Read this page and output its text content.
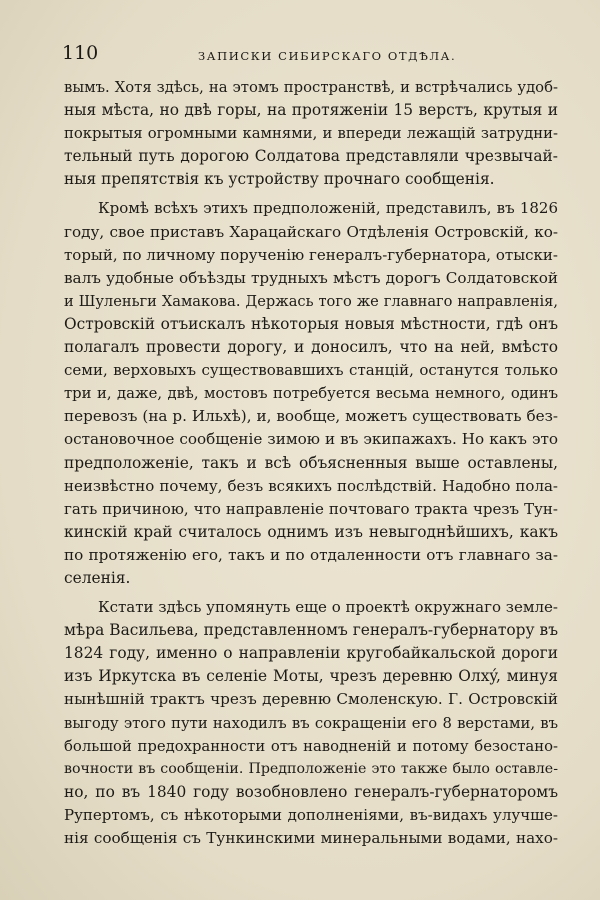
110	ЗАПИСКИ СИБИРСКАГО ОТДѢЛА.
вымъ. Хотя здѣсь, на этомъ пространствѣ, и встрѣчались удоб-
ныя мѣста, но двѣ горы, на протяженіи 15 верстъ, крутыя и
покрытыя огромными камнями, и впереди лежащій затрудни-
тельный путь дорогою Солдатова представляли чрезвычай-
ныя препятствія къ устройству прочнаго сообщенія.
Кромѣ всѣхъ этихъ предположеній, представилъ, въ 1826
году, свое приставъ Харацайскаго Отдѣленія Островскій, ко-
торый, по личному порученію генералъ-губернатора, отыски-
валъ удобные объѣзды трудныхъ мѣстъ дорогъ Солдатовской
и Шуленьги Хамакова. Держась того же главнаго направленія,
Островскій отъискалъ нѣкоторыя новыя мѣстности, гдѣ онъ
полагалъ провести дорогу, и доносилъ, что на ней, вмѣсто
семи, верховыхъ существовавшихъ станцій, останутся только
три и, даже, двѣ, мостовъ потребуется весьма немного, одинъ
перевозъ (на р. Ильхѣ), и, вообще, можетъ существовать без-
остановочное сообщеніе зимою и въ экипажахъ. Но какъ это
предположеніе, такъ и всѣ объясненныя выше оставлены,
неизвѣстно почему, безъ всякихъ послѣдствій. Надобно пола-
гать причиною, что направленіе почтоваго тракта чрезъ Тун-
кинскій край считалось однимъ изъ невыгоднѣйшихъ, какъ
по протяженію его, такъ и по отдаленности отъ главнаго за-
селенія.
Кстати здѣсь упомянуть еще о проектѣ окружнаго земле-
мѣра Васильева, представленномъ генералъ-губернатору въ
1824 году, именно о направленіи кругобайкальской дороги
изъ Иркутска въ селеніе Моты, чрезъ деревню Олхý, минуя
нынѣшній трактъ чрезъ деревню Смоленскую. Г. Островскій
выгоду этого пути находилъ въ сокращеніи его 8 верстами, въ
большой предохранности отъ наводненій и потому безостано-
вочности въ сообщеніи. Предположеніе это также было оставле-
но, по въ 1840 году возобновлено генералъ-губернаторомъ
Рупертомъ, съ нѣкоторыми дополненіями, въ-видахъ улучше-
нія сообщенія съ Тункинскими минеральными водами, нахо-
